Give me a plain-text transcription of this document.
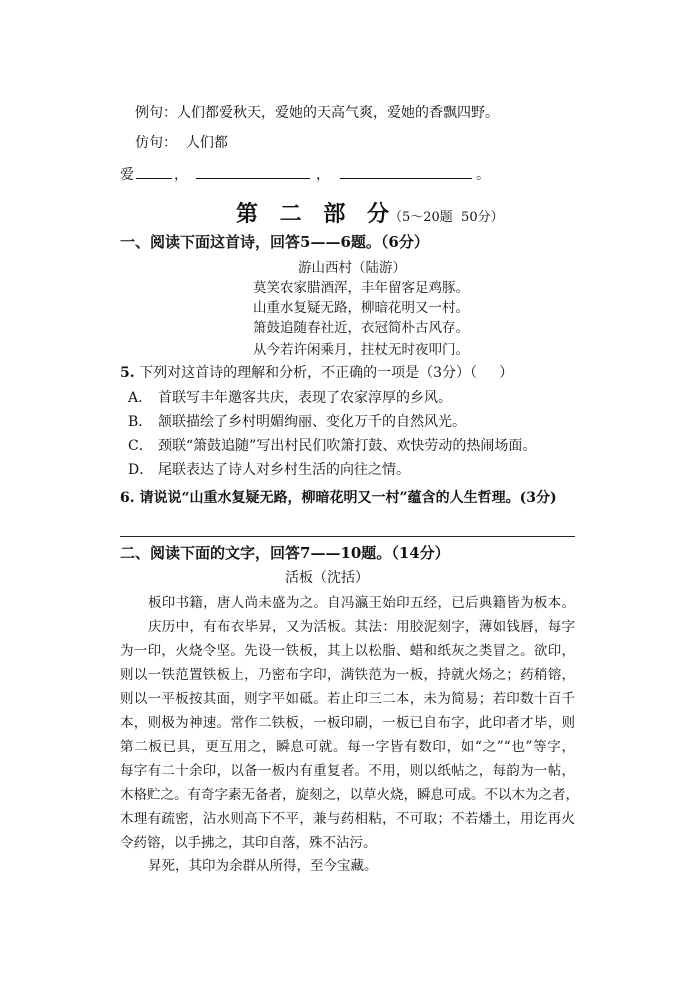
例句：人们都爱秋天，爱她的天高气爽，爱她的香飘四野。
仿句： 人们都
爱	，	，	。
第 二 部 分（5～20题  50分）
一、阅读下面这首诗，回答5——6题。（6分）
游山西村（陆游）
莫笑农家腊酒浑，丰年留客足鸡豚。
山重水复疑无路，柳暗花明又一村。
箫鼓追随春社近，衣冠简朴古风存。
从今若许闲乘月，拄杖无时夜叩门。
5. 下列对这首诗的理解和分析，不正确的一项是（3分）（     ）
A． 首联写丰年邀客共庆，表现了农家淳厚的乡风。
B． 颔联描绘了乡村明媚绚丽、变化万千的自然风光。
C． 颈联“箫鼓追随”写出村民们吹箫打鼓、欢快劳动的热闹场面。
D． 尾联表达了诗人对乡村生活的向往之情。
6. 请说说“山重水复疑无路，柳暗花明又一村”蕴含的人生哲理。(3分)
二、阅读下面的文字，回答7——10题。（14分）
活板（沈括）
板印书籍，唐人尚未盛为之。自冯瀛王始印五经，已后典籍皆为板本。
庆历中，有布衣毕昇，又为活板。其法：用胶泥刻字，薄如钱唇，每字
为一印，火烧令坚。先设一铁板，其上以松脂、蜡和纸灰之类冒之。欲印，
则以一铁范置铁板上，乃密布字印，满铁范为一板，持就火炀之；药稍镕，
则以一平板按其面，则字平如砥。若止印三二本，未为简易；若印数十百千
本，则极为神速。常作二铁板，一板印刷，一板已自布字，此印者才毕，则
第二板已具，更互用之，瞬息可就。每一字皆有数印，如“之”“也”等字，
每字有二十余印，以备一板内有重复者。不用，则以纸帖之，每韵为一帖，
木格贮之。有奇字素无备者，旋刻之，以草火烧，瞬息可成。不以木为之者，
木理有疏密，沾水则高下不平，兼与药相粘，不可取；不若燔土，用讫再火
令药镕，以手拂之，其印自落，殊不沾污。
昇死，其印为余群从所得，至今宝藏。
